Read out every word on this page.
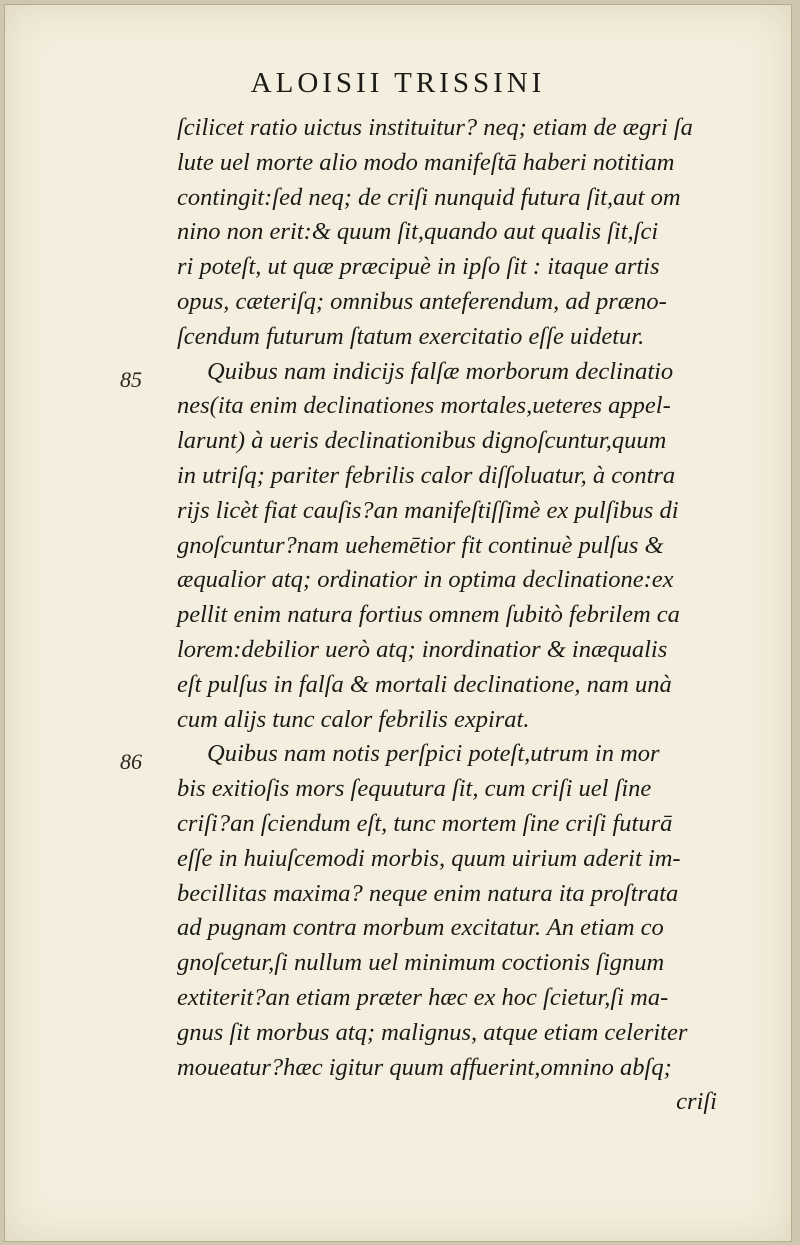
ALOISII TRISSINI
85
86
ſcilicet ratio uictus instituitur? neq; etiam de ægri ſa
lute uel morte alio modo manifeſtā haberi notitiam
contingit:ſed neq; de criſi nunquid futura ſit,aut om
nino non erit:& quum ſit,quando aut qualis ſit,ſci
ri poteſt, ut quæ præcipuè in ipſo ſit : itaque artis
opus, cæteriſq; omnibus anteferendum, ad præno-
ſcendum futurum ſtatum exercitatio eſſe uidetur.
Quibus nam indicijs falſæ morborum declinatio
nes(ita enim declinationes mortales,ueteres appel-
larunt) à ueris declinationibus dignoſcuntur,quum
in utriſq; pariter febrilis calor diſſoluatur, à contra
rijs licèt fiat cauſis?an manifeſtiſſimè ex pulſibus di
gnoſcuntur?nam uehemētior fit continuè pulſus &
æqualior atq; ordinatior in optima declinatione:ex
pellit enim natura fortius omnem ſubitò febrilem ca
lorem:debilior uerò atq; inordinatior & inæqualis
eſt pulſus in falſa & mortali declinatione, nam unà
cum alijs tunc calor febrilis expirat.
Quibus nam notis perſpici poteſt,utrum in mor
bis exitioſis mors ſequutura ſit, cum criſi uel ſine
criſi?an ſciendum eſt, tunc mortem ſine criſi futurā
eſſe in huiuſcemodi morbis, quum uirium aderit im-
becillitas maxima? neque enim natura ita proſtrata
ad pugnam contra morbum excitatur. An etiam co
gnoſcetur,ſi nullum uel minimum coctionis ſignum
extiterit?an etiam præter hæc ex hoc ſcietur,ſi ma-
gnus ſit morbus atq; malignus, atque etiam celeriter
moueatur?hæc igitur quum affuerint,omnino abſq;
criſi
